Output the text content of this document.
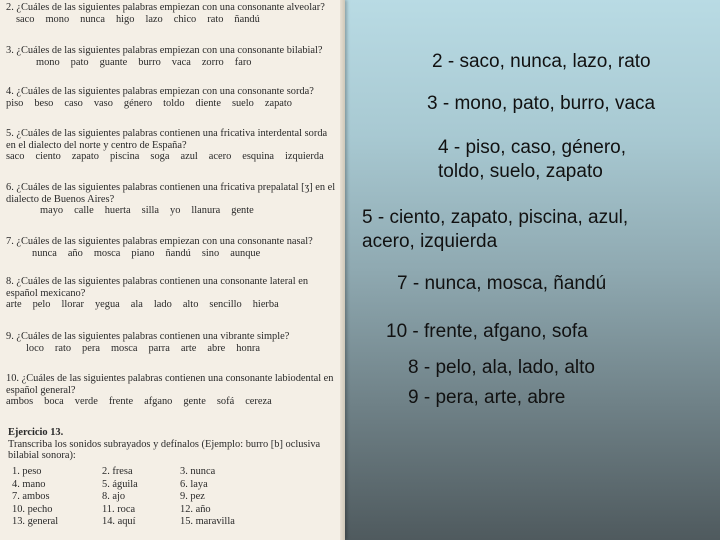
2. ¿Cuáles de las siguientes palabras empiezan con una consonante alveolar?
saco mono nunca higo lazo chico rato ñandú
3. ¿Cuáles de las siguientes palabras empiezan con una consonante bilabial?
mono pato guante burro vaca zorro faro
4. ¿Cuáles de las siguientes palabras empiezan con una consonante sorda?
piso beso caso vaso género toldo diente suelo zapato
5. ¿Cuáles de las siguientes palabras contienen una fricativa interdental sorda en el dialecto del norte y centro de España?
saco ciento zapato piscina soga azul acero esquina izquierda
6. ¿Cuáles de las siguientes palabras contienen una fricativa prepalatal [ʒ] en el dialecto de Buenos Aires?
mayo calle huerta silla yo llanura gente
7. ¿Cuáles de las siguientes palabras empiezan con una consonante nasal?
nunca año mosca piano ñandú sino aunque
8. ¿Cuáles de las siguientes palabras contienen una consonante lateral en español mexicano?
arte pelo llorar yegua ala lado alto sencillo hierba
9. ¿Cuáles de las siguientes palabras contienen una vibrante simple?
loco rato pera mosca parra arte abre honra
10. ¿Cuáles de las siguientes palabras contienen una consonante labiodental en español general?
ambos boca verde frente afgano gente sofá cereza
Ejercicio 13.
Transcriba los sonidos subrayados y defínalos (Ejemplo: burro [b] oclusiva bilabial sonora):
1. peso	2. fresa	3. nunca
4. mano	5. águila	6. laya
7. ambos	8. ajo	9. pez
10. pecho	11. roca	12. año
13. general	14. aquí	15. maravilla
2 - saco, nunca, lazo, rato
3 - mono, pato, burro, vaca
4 - piso, caso, género,
toldo, suelo, zapato
5 - ciento, zapato, piscina, azul,
acero, izquierda
7 - nunca, mosca, ñandú
10 - frente, afgano, sofa
8 - pelo, ala, lado, alto
9 - pera, arte, abre
